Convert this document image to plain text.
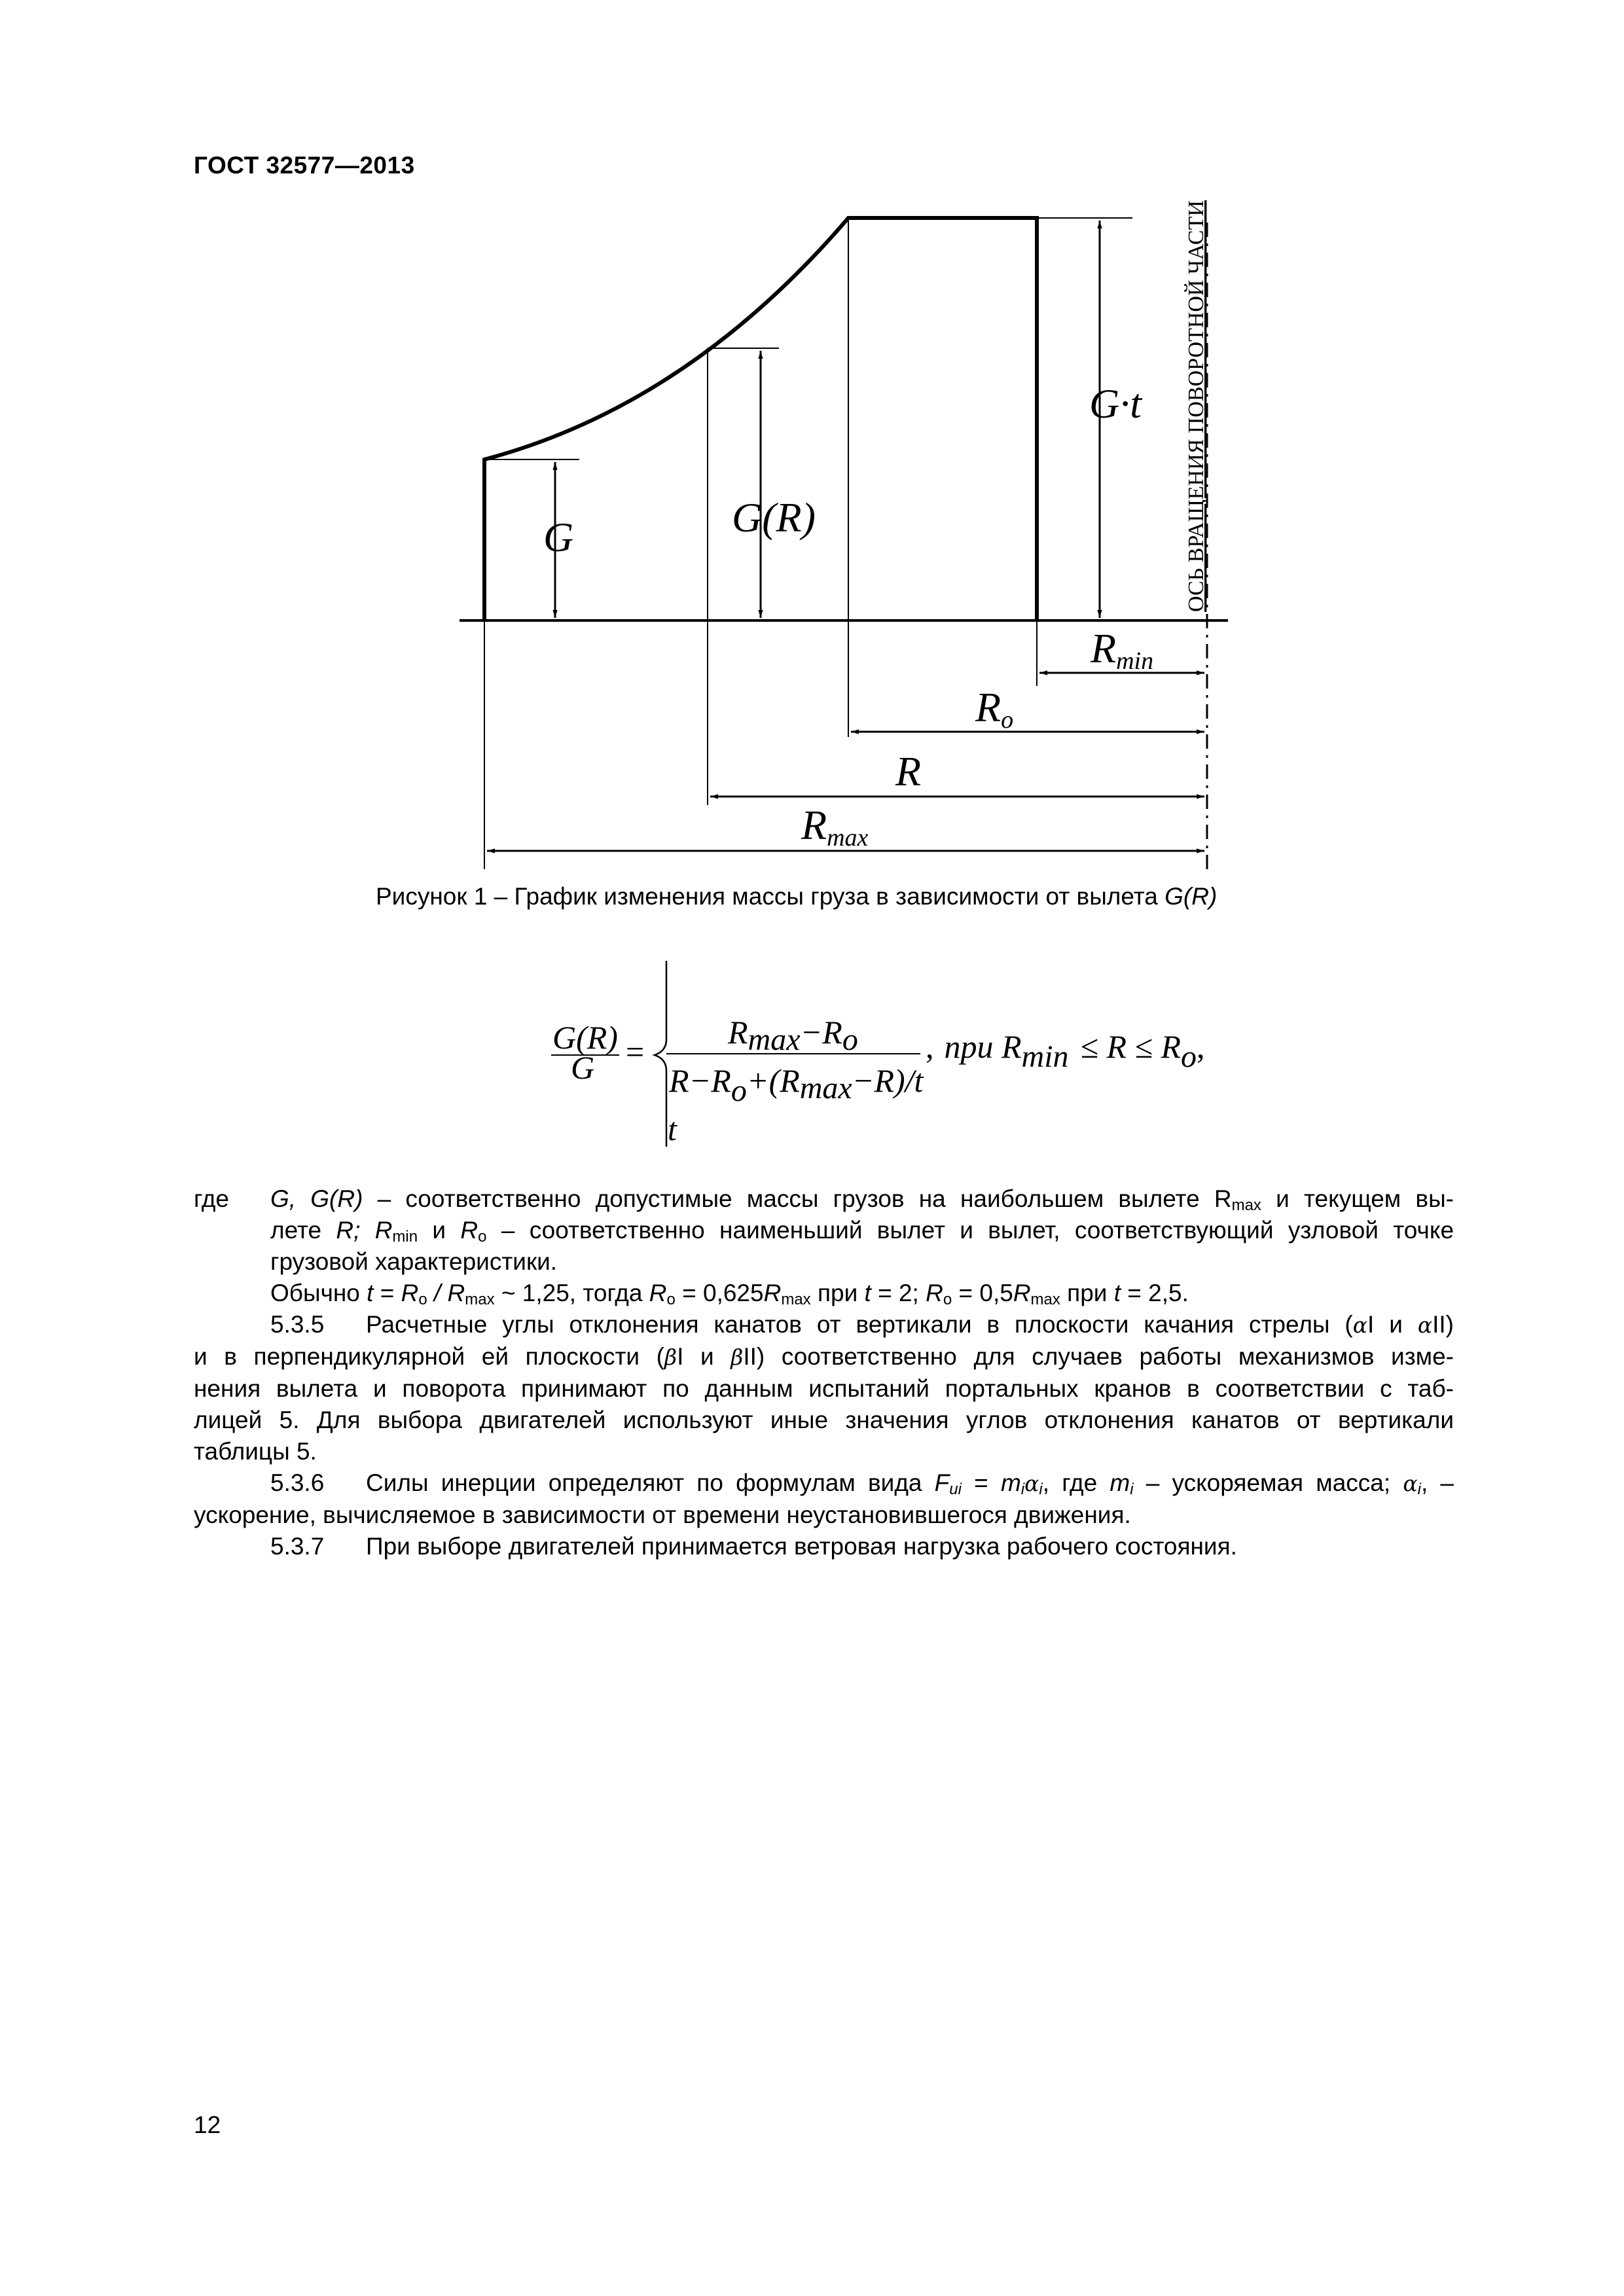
ГОСТ 32577—2013
G	G(R)
G·t
Rmin
Ro
R
Rmax
ОСЬ ВРАЩЕНИЯ ПОВОРОТНОЙ ЧАСТИ
Рисунок 1 – График изменения массы груза в зависимости от вылета G(R)
G(R)
G =
Rmax−Ro
R−Ro+(Rmax−R)/t
, при Rmin ≤ R ≤ Ro,
t
где G, G(R) – соответственно допустимые массы грузов на наибольшем вылете $R_{max}$ и текущем вы-
лете R; $R_{min}$ и $R_o$ – соответственно наименьший вылет и вылет, соответствующий узловой точке
грузовой характеристики.
Обычно $t = R_o / R_{max}$ ~ 1,25, тогда $R_o = 0,625R_{max}$ при t = 2; $R_o = 0,5R_{max}$ при t = 2,5.
5.3.5 Расчетные углы отклонения канатов от вертикали в плоскости качания стрелы (αI и αII)
и в перпендикулярной ей плоскости (βI и βII) соответственно для случаев работы механизмов изме-
нения вылета и поворота принимают по данным испытаний портальных кранов в соответствии с таб-
лицей 5. Для выбора двигателей используют иные значения углов отклонения канатов от вертикали
таблицы 5.
5.3.6 Силы инерции определяют по формулам вида $F_{ui} = m_i\alpha_i$, где $m_i$ – ускоряемая масса; $\alpha_i$, –
ускорение, вычисляемое в зависимости от времени неустановившегося движения.
5.3.7 При выборе двигателей принимается ветровая нагрузка рабочего состояния.
12
